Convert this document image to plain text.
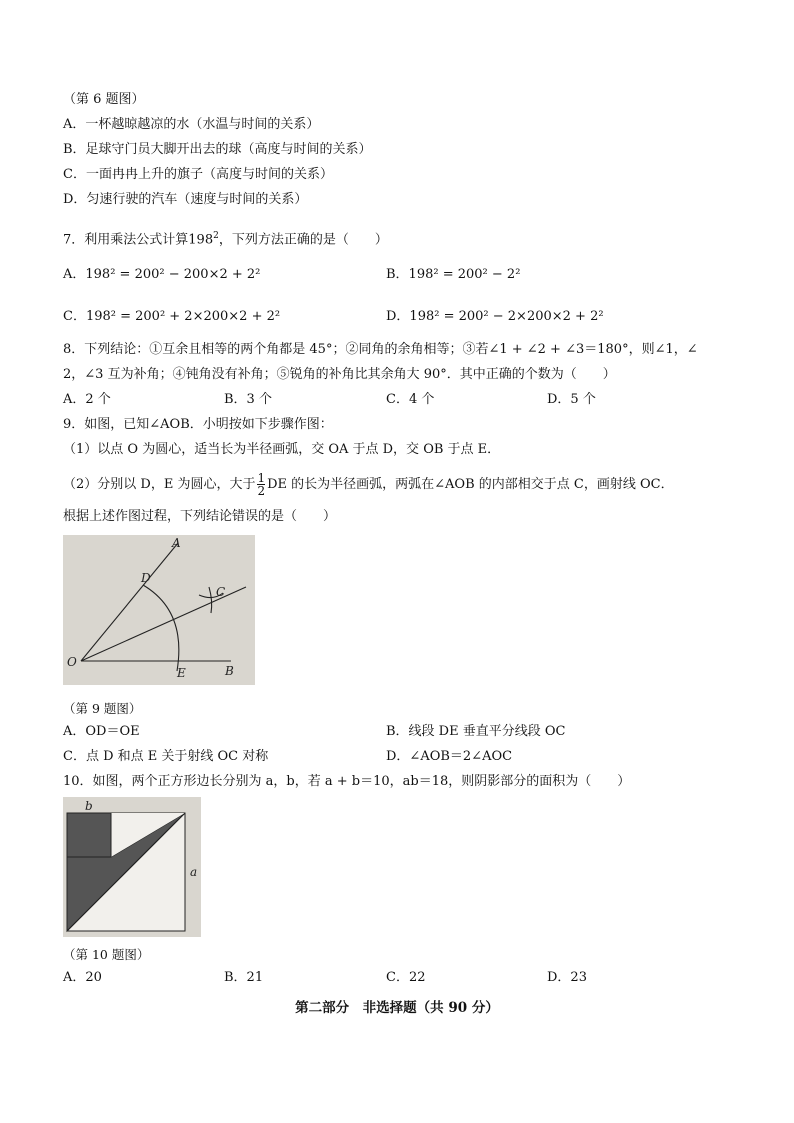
（第 6 题图）
A．一杯越晾越凉的水（水温与时间的关系）
B．足球守门员大脚开出去的球（高度与时间的关系）
C．一面冉冉上升的旗子（高度与时间的关系）
D．匀速行驶的汽车（速度与时间的关系）
7．利用乘法公式计算$198^2$，下列方法正确的是（　　）
A．198² = 200² − 200×2 + 2²	B．198² = 200² − 2²
C．198² = 200² + 2×200×2 + 2²	D．198² = 200² − 2×200×2 + 2²
8．下列结论：①互余且相等的两个角都是 45°；②同角的余角相等；③若∠1 + ∠2 + ∠3＝180°，则∠1，∠
2，∠3 互为补角；④钝角没有补角；⑤锐角的补角比其余角大 90°．其中正确的个数为（　　）
A．2 个	B．3 个	C．4 个	D．5 个
9．如图，已知∠AOB．小明按如下步骤作图：
（1）以点 O 为圆心，适当长为半径画弧，交 OA 于点 D，交 OB 于点 E．
（2）分别以 D，E 为圆心，大于 $\frac{1}{2}$ DE 的长为半径画弧，两弧在∠AOB 的内部相交于点 C，画射线 OC．
根据上述作图过程，下列结论错误的是（　　）
A
B
C
D
E
O
（第 9 题图）
A．OD＝OE	B．线段 DE 垂直平分线段 OC
C．点 D 和点 E 关于射线 OC 对称	D．∠AOB＝2∠AOC
10．如图，两个正方形边长分别为 a，b，若 a + b＝10，ab＝18，则阴影部分的面积为（　　）
b
a
（第 10 题图）
A．20	B．21	C．22	D．23
第二部分　非选择题（共 90 分）
